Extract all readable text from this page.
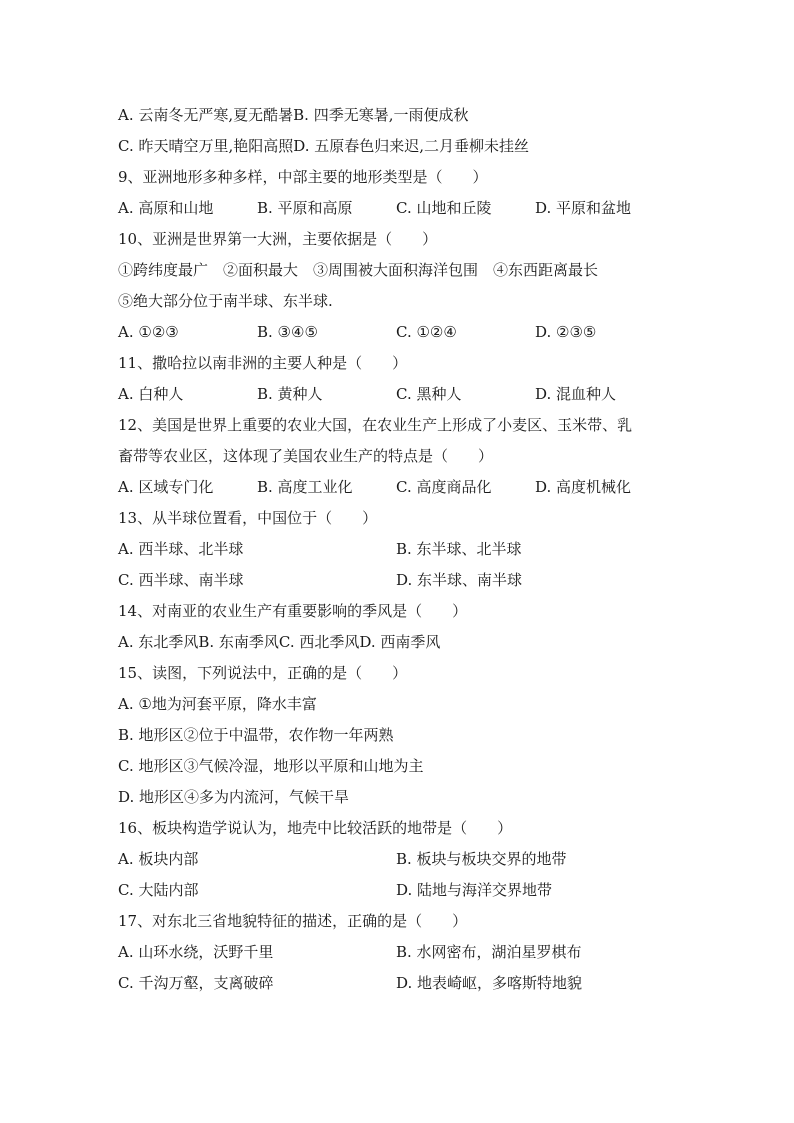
A. 云南冬无严寒,夏无酷暑B. 四季无寒暑,一雨便成秋
C. 昨天晴空万里,艳阳高照D. 五原春色归来迟,二月垂柳未挂丝
9、亚洲地形多种多样，中部主要的地形类型是（　　）
A. 高原和山地	B. 平原和高原	C. 山地和丘陵	D. 平原和盆地
10、亚洲是世界第一大洲，主要依据是（　　）
①跨纬度最广　②面积最大　③周围被大面积海洋包围　④东西距离最长
⑤绝大部分位于南半球、东半球.
A. ①②③	B. ③④⑤	C. ①②④	D. ②③⑤
11、撒哈拉以南非洲的主要人种是（　　）
A. 白种人	B. 黄种人	C. 黑种人	D. 混血种人
12、美国是世界上重要的农业大国，在农业生产上形成了小麦区、玉米带、乳
畜带等农业区，这体现了美国农业生产的特点是（　　）
A. 区域专门化	B. 高度工业化	C. 高度商品化	D. 高度机械化
13、从半球位置看，中国位于（　　）
A. 西半球、北半球	B. 东半球、北半球
C. 西半球、南半球	D. 东半球、南半球
14、对南亚的农业生产有重要影响的季风是（　　）
A. 东北季风B. 东南季风C. 西北季风D. 西南季风
15、读图，下列说法中，正确的是（　　）
A. ①地为河套平原，降水丰富
B. 地形区②位于中温带，农作物一年两熟
C. 地形区③气候冷湿，地形以平原和山地为主
D. 地形区④多为内流河，气候干旱
16、板块构造学说认为，地壳中比较活跃的地带是（　　）
A. 板块内部	B. 板块与板块交界的地带
C. 大陆内部	D. 陆地与海洋交界地带
17、对东北三省地貌特征的描述，正确的是（　　）
A. 山环水绕，沃野千里	B. 水网密布，湖泊星罗棋布
C. 千沟万壑，支离破碎	D. 地表崎岖，多喀斯特地貌
